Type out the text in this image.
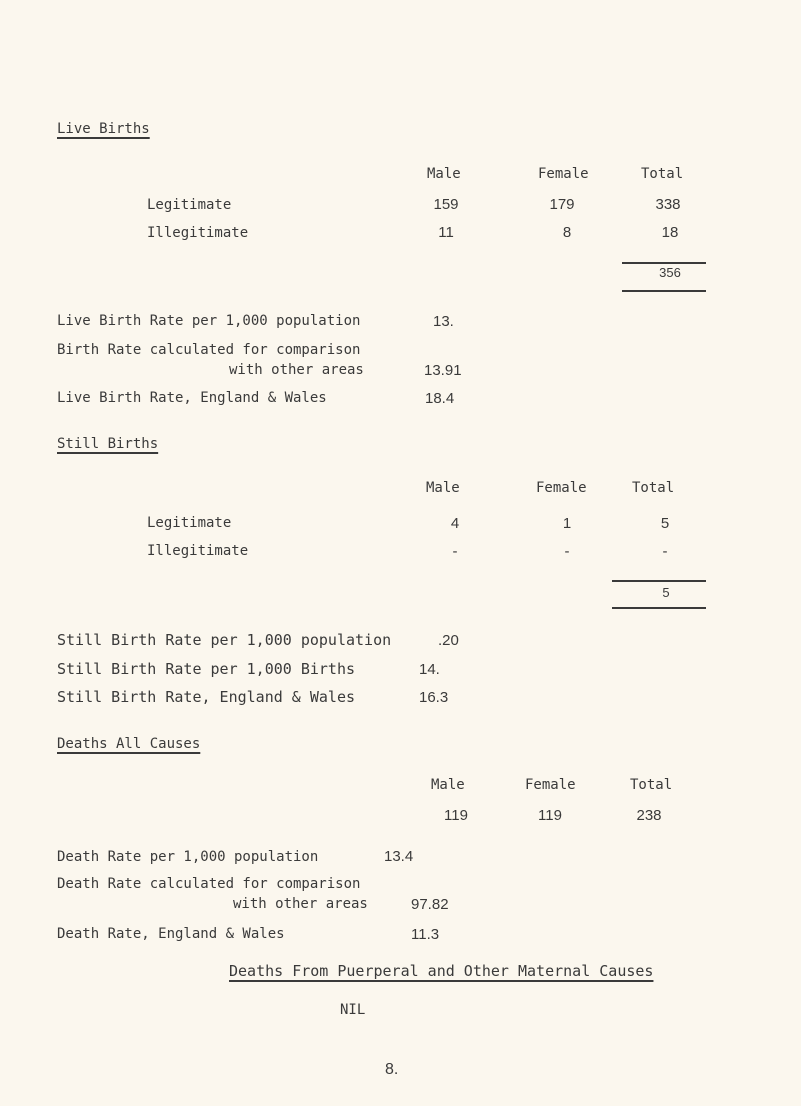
Live Births
Male	Female	Total
Legitimate	159	179	338
Illegitimate	11	8	18
356
Live Birth Rate per 1,000 population	13.
Birth Rate calculated for comparison
with other areas	13.91
Live Birth Rate, England & Wales	18.4
Still Births
Male	Female	Total
Legitimate	4	1	5
Illegitimate	-	-	-
5
Still Birth Rate per 1,000 population	.20
Still Birth Rate per 1,000 Births	14.
Still Birth Rate, England & Wales	16.3
Deaths All Causes
Male	Female	Total
119	119	238
Death Rate per 1,000 population	13.4
Death Rate calculated for comparison
with other areas	97.82
Death Rate, England & Wales	11.3
Deaths From Puerperal and Other Maternal Causes
NIL
8.
